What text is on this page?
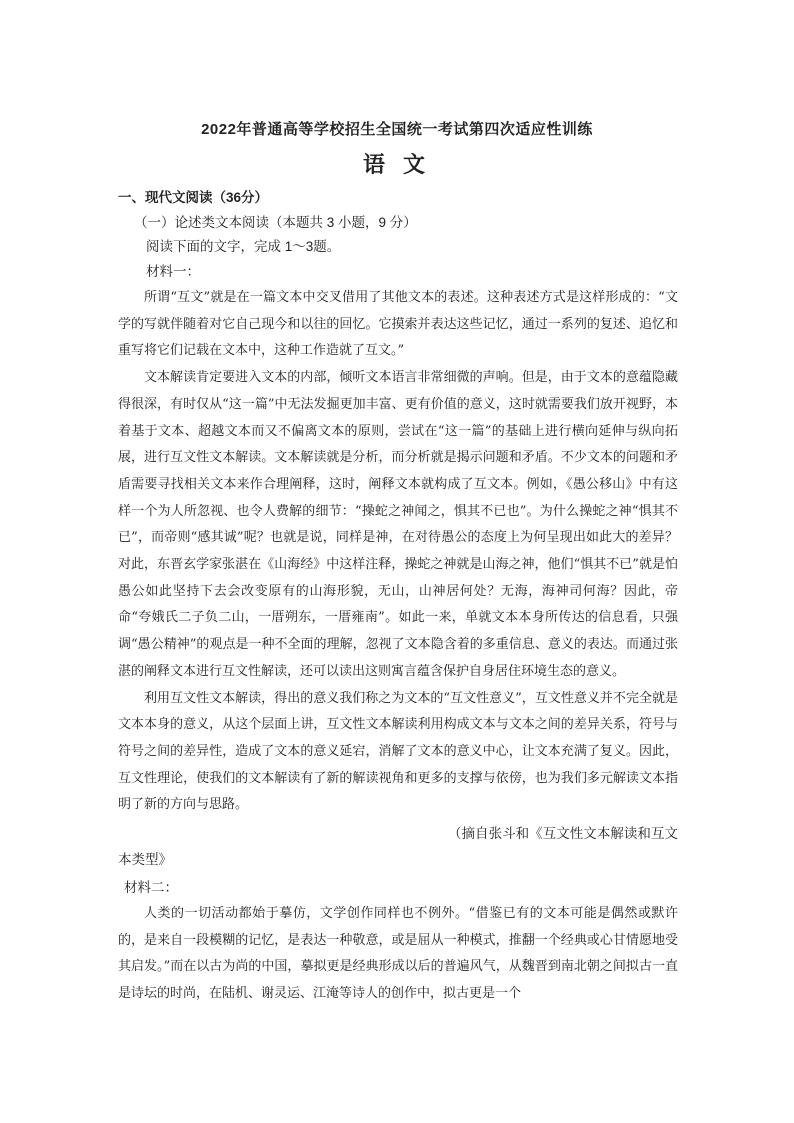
2022年普通高等学校招生全国统一考试第四次适应性训练
语 文
一、现代文阅读（36分）
（一）论述类文本阅读（本题共 3 小题，9 分）
阅读下面的文字，完成 1～3题。
材料一：

所谓“互文”就是在一篇文本中交叉借用了其他文本的表述。这种表述方式是这样形成的：“文学的写就伴随着对它自己现今和以往的回忆。它摸索并表达这些记忆，通过一系列的复述、追忆和重写将它们记载在文本中，这种工作造就了互文。”

文本解读肯定要进入文本的内部，倾听文本语言非常细微的声响。但是，由于文本的意蕴隐藏得很深，有时仅从“这一篇”中无法发掘更加丰富、更有价值的意义，这时就需要我们放开视野，本着基于文本、超越文本而又不偏离文本的原则，尝试在“这一篇”的基础上进行横向延伸与纵向拓展，进行互文性文本解读。文本解读就是分析，而分析就是揭示问题和矛盾。不少文本的问题和矛盾需要寻找相关文本来作合理阐释，这时，阐释文本就构成了互文本。例如，《愚公移山》中有这样一个为人所忽视、也令人费解的细节：“操蛇之神闻之，惧其不已也”。为什么操蛇之神“惧其不已”，而帝则“感其诚”呢？也就是说，同样是神，在对待愚公的态度上为何呈现出如此大的差异？对此，东晋玄学家张湛在《山海经》中这样注释，操蛇之神就是山海之神，他们“惧其不已”就是怕愚公如此坚持下去会改变原有的山海形貌，无山，山神居何处？无海，海神司何海？因此，帝命“夸娥氏二子负二山，一厝朔东，一厝雍南”。如此一来，单就文本本身所传达的信息看，只强调“愚公精神”的观点是一种不全面的理解，忽视了文本隐含着的多重信息、意义的表达。而通过张湛的阐释文本进行互文性解读，还可以读出这则寓言蕴含保护自身居住环境生态的意义。

利用互文性文本解读，得出的意义我们称之为文本的“互文性意义”，互文性意义并不完全就是文本本身的意义，从这个层面上讲，互文性文本解读利用构成文本与文本之间的差异关系，符号与符号之间的差异性，造成了文本的意义延宕，消解了文本的意义中心，让文本充满了复义。因此，互文性理论，使我们的文本解读有了新的解读视角和更多的支撑与依傍，也为我们多元解读文本指明了新的方向与思路。

（摘自张斗和《互文性文本解读和互文本类型》

材料二：

人类的一切活动都始于摹仿，文学创作同样也不例外。“借鉴已有的文本可能是偶然或默许的，是来自一段模糊的记忆，是表达一种敬意，或是屈从一种模式，推翻一个经典或心甘情愿地受其启发。”而在以古为尚的中国，摹拟更是经典形成以后的普遍风气，从魏晋到南北朝之间拟古一直是诗坛的时尚，在陆机、谢灵运、江淹等诗人的创作中，拟古更是一个
